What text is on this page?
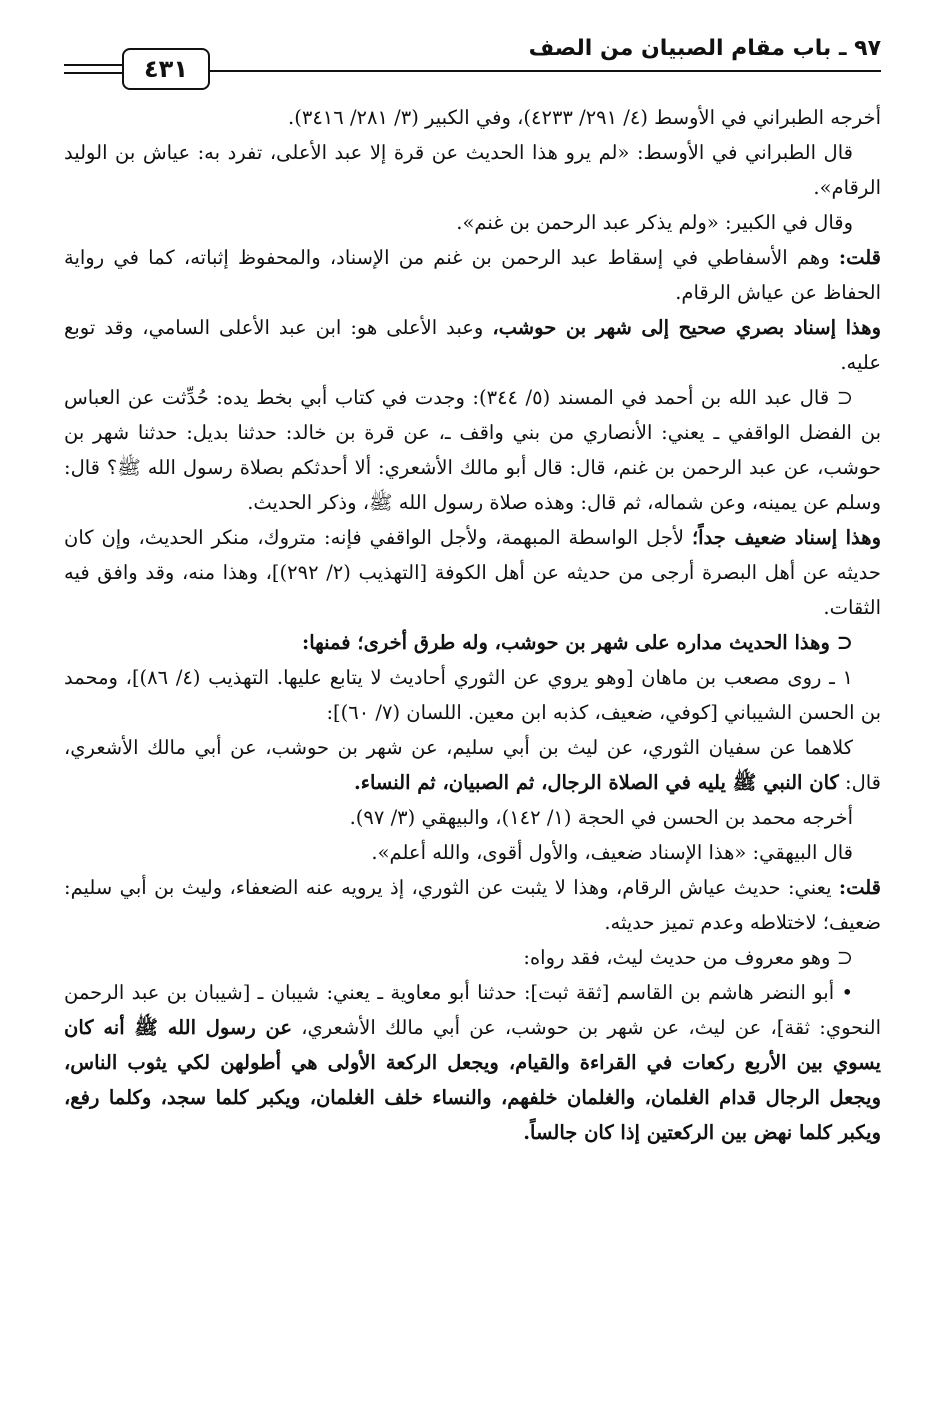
٩٧ ـ باب مقام الصبيان من الصف
٤٣١

أخرجه الطبراني في الأوسط (٤/ ٢٩١/ ٤٢٣٣)، وفي الكبير (٣/ ٢٨١/ ٣٤١٦).

قال الطبراني في الأوسط: «لم يرو هذا الحديث عن قرة إلا عبد الأعلى، تفرد به: عياش بن الوليد الرقام».

وقال في الكبير: «ولم يذكر عبد الرحمن بن غنم».

قلت: وهم الأسفاطي في إسقاط عبد الرحمن بن غنم من الإسناد، والمحفوظ إثباته، كما في رواية الحفاظ عن عياش الرقام.

وهذا إسناد بصري صحيح إلى شهر بن حوشب، وعبد الأعلى هو: ابن عبد الأعلى السامي، وقد توبع عليه.

⊂ قال عبد الله بن أحمد في المسند (٥/ ٣٤٤): وجدت في كتاب أبي بخط يده: حُدِّثت عن العباس بن الفضل الواقفي ـ يعني: الأنصاري من بني واقف ـ، عن قرة بن خالد: حدثنا بديل: حدثنا شهر بن حوشب، عن عبد الرحمن بن غنم، قال: قال أبو مالك الأشعري: ألا أحدثكم بصلاة رسول الله ﷺ؟ قال: وسلم عن يمينه، وعن شماله، ثم قال: وهذه صلاة رسول الله ﷺ، وذكر الحديث.

وهذا إسناد ضعيف جداً؛ لأجل الواسطة المبهمة، ولأجل الواقفي فإنه: متروك، منكر الحديث، وإن كان حديثه عن أهل البصرة أرجى من حديثه عن أهل الكوفة [التهذيب (٢/ ٢٩٢)]، وهذا منه، وقد وافق فيه الثقات.

⊂ وهذا الحديث مداره على شهر بن حوشب، وله طرق أخرى؛ فمنها:

١ ـ روى مصعب بن ماهان [وهو يروي عن الثوري أحاديث لا يتابع عليها. التهذيب (٤/ ٨٦)]، ومحمد بن الحسن الشيباني [كوفي، ضعيف، كذبه ابن معين. اللسان (٧/ ٦٠)]:

كلاهما عن سفيان الثوري، عن ليث بن أبي سليم، عن شهر بن حوشب، عن أبي مالك الأشعري، قال: كان النبي ﷺ يليه في الصلاة الرجال، ثم الصبيان، ثم النساء.

أخرجه محمد بن الحسن في الحجة (١/ ١٤٢)، والبيهقي (٣/ ٩٧).

قال البيهقي: «هذا الإسناد ضعيف، والأول أقوى، والله أعلم».

قلت: يعني: حديث عياش الرقام، وهذا لا يثبت عن الثوري، إذ يرويه عنه الضعفاء، وليث بن أبي سليم: ضعيف؛ لاختلاطه وعدم تميز حديثه.

⊂ وهو معروف من حديث ليث، فقد رواه:

• أبو النضر هاشم بن القاسم [ثقة ثبت]: حدثنا أبو معاوية ـ يعني: شيبان ـ [شيبان بن عبد الرحمن النحوي: ثقة]، عن ليث، عن شهر بن حوشب، عن أبي مالك الأشعري، عن رسول الله ﷺ أنه كان يسوي بين الأربع ركعات في القراءة والقيام، ويجعل الركعة الأولى هي أطولهن لكي يثوب الناس، ويجعل الرجال قدام الغلمان، والغلمان خلفهم، والنساء خلف الغلمان، ويكبر كلما سجد، وكلما رفع، ويكبر كلما نهض بين الركعتين إذا كان جالساً.
